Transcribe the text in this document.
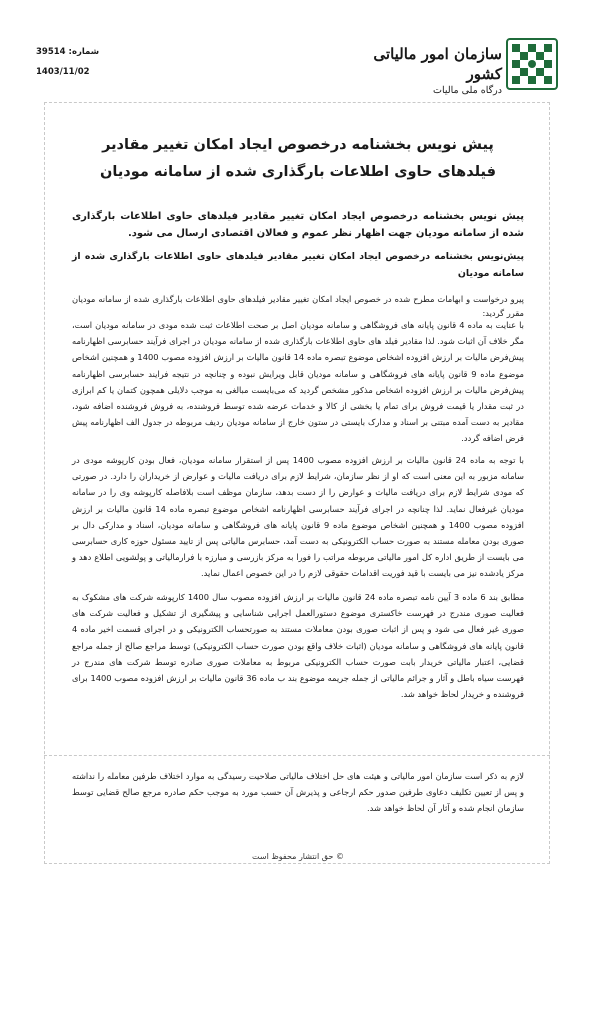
شماره: 39514
1403/11/02
سازمان امور مالیاتی کشور
درگاه ملی مالیات
پیش نویس بخشنامه درخصوص ایجاد امکان تغییر مقادیر فیلدهای حاوی اطلاعات بارگذاری شده از سامانه مودیان
پیش نویس بخشنامه درخصوص ایجاد امکان تغییر مقادیر فیلدهای حاوی اطلاعات بارگذاری شده از سامانه مودیان جهت اظهار نظر عموم و فعالان اقتصادی ارسال می شود.
پیش‌نویس بخشنامه درخصوص ایجاد امکان تغییر مقادیر فیلدهای حاوی اطلاعات بارگذاری شده از سامانه مودیان
پیرو درخواست و ابهامات مطرح شده در خصوص ایجاد امکان تغییر مقادیر فیلدهای حاوی اطلاعات بارگذاری شده از سامانه مودیان مقرر گردید:
با عنایت به ماده 4 قانون پایانه های فروشگاهی و سامانه مودیان اصل بر صحت اطلاعات ثبت شده مودی در سامانه مودیان است، مگر خلاف آن اثبات شود. لذا مقادیر فیلد های حاوی اطلاعات بارگذاری شده از سامانه مودیان در اجرای فرآیند حسابرسی اظهارنامه پیش‌فرض مالیات بر ارزش افزوده اشخاص موضوع تبصره ماده 14 قانون مالیات بر ارزش افزوده مصوب 1400 و همچنین اشخاص موضوع ماده 9 قانون پایانه های فروشگاهی و سامانه مودیان قابل ویرایش نبوده و چنانچه در نتیجه فرایند حسابرسی اظهارنامه پیش‌فرض مالیات بر ارزش افزوده اشخاص مذکور مشخص گردید که می‌بایست مبالغی به موجب دلایلی همچون کتمان یا کم ابرازی در ثبت مقدار یا قیمت فروش برای تمام یا بخشی از کالا و خدمات عرضه شده توسط فروشنده، به فروش فروشنده اضافه شود، مقادیر به دست آمده مبتنی بر اسناد و مدارک بایستی در ستون خارج از سامانه مودیان ردیف مربوطه در جدول الف اظهارنامه پیش فرض اضافه گردد.
با توجه به ماده 24 قانون مالیات بر ارزش افزوده مصوب 1400 پس از استقرار سامانه مودیان، فعال بودن کارپوشه مودی در سامانه مزبور به این معنی است که او از نظر سازمان، شرایط لازم برای دریافت مالیات و عوارض از خریداران را دارد. در صورتی که مودی شرایط لازم برای دریافت مالیات و عوارض را از دست بدهد، سازمان موظف است بلافاصله کارپوشه وی را در سامانه مودیان غیرفعال نماید. لذا چنانچه در اجرای فرآیند حسابرسی اظهارنامه اشخاص موضوع تبصره ماده 14 قانون مالیات بر ارزش افزوده مصوب 1400 و همچنین اشخاص موضوع ماده 9 قانون پایانه های فروشگاهی و سامانه مودیان، اسناد و مدارکی دال بر صوری بودن معامله مستند به صورت حساب الکترونیکی به دست آمد، حسابرس مالیاتی پس از تایید مسئول حوزه کاری حسابرسی می بایست از طریق اداره کل امور مالیاتی مربوطه مراتب را فورا به مرکز بازرسی و مبارزه با فرارمالیاتی و پولشویی اطلاع دهد و مرکز یادشده نیز می بایست با قید فوریت اقدامات حقوقی لازم را در این خصوص اعمال نماید.
مطابق بند 6 ماده 3 آیین نامه تبصره ماده 24 قانون مالیات بر ارزش افزوده مصوب سال 1400 کارپوشه شرکت های مشکوک به فعالیت صوری مندرج در فهرست خاکستری موضوع دستورالعمل اجرایی شناسایی و پیشگیری از تشکیل و فعالیت شرکت های صوری غیر فعال می شود و پس از اثبات صوری بودن معاملات مستند به صورتحساب الکترونیکی و در اجرای قسمت اخیر ماده 4 قانون پایانه های فروشگاهی و سامانه مودیان (اثبات خلاف واقع بودن صورت حساب الکترونیکی) توسط مراجع صالح از جمله مراجع قضایی، اعتبار مالیاتی خریدار بابت صورت حساب الکترونیکی مربوط به معاملات صوری صادره توسط شرکت های مندرج در فهرست سیاه باطل و آثار و جرائم مالیاتی از جمله جریمه موضوع بند ب ماده 36 قانون مالیات بر ارزش افزوده مصوب 1400 برای فروشنده و خریدار لحاظ خواهد شد.
لازم به ذکر است سازمان امور مالیاتی و هیئت های حل اختلاف مالیاتی صلاحیت رسیدگی به موارد اختلاف طرفین معامله را نداشته و پس از تعیین تکلیف دعاوی طرفین صدور حکم ارجاعی و پذیرش آن حسب مورد به موجب حکم صادره مرجع صالح قضایی توسط سازمان انجام شده و آثار آن لحاظ خواهد شد.
© حق انتشار محفوظ است
